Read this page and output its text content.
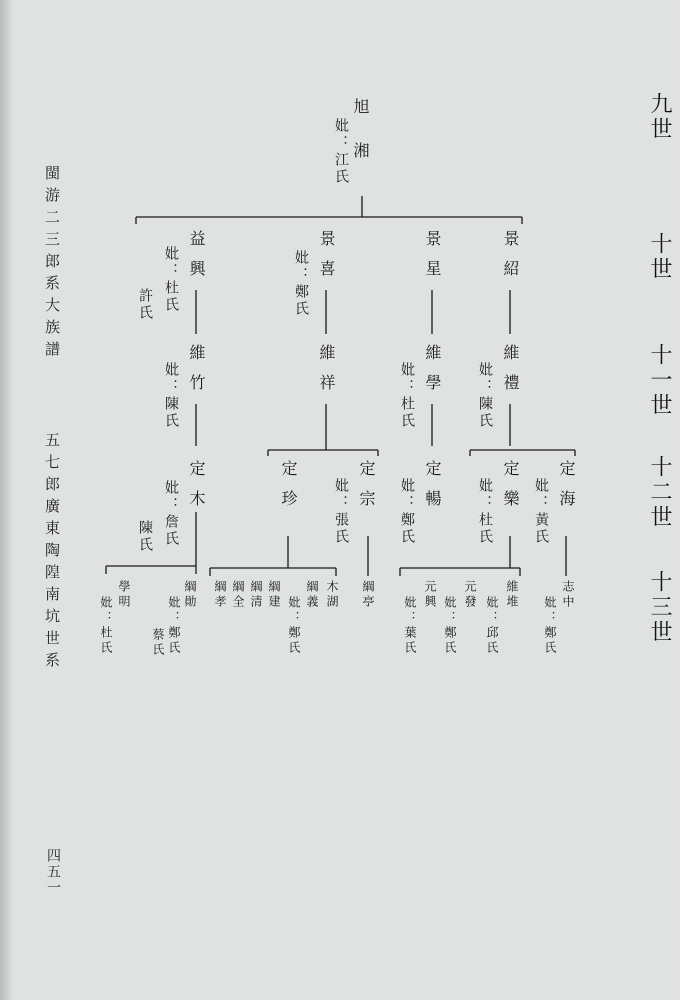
九世
十世
十一世
十二世
十三世
閩游二三郎系大族譜
五七郎廣東陶隍南坑世系
四五一
旭
妣：江氏 湘
益興
妣：杜氏
許氏
景喜
妣：鄭氏	景星	景紹
維竹
妣：陳氏	維祥	維學
妣：杜氏	維禮
妣：陳氏
定木
妣：詹氏
陳氏
定珍	定宗
妣：張氏	定暢
妣：鄭氏	定樂
妣：杜氏	定海
妣：黃氏
學明
妣：杜氏
綱勛
妣：鄭氏
蔡氏
綱孝 綱全 綱清 綱建 綱義
妣：鄭氏
木湖 綱亭	元興
妣：葉氏
元發
妣：鄭氏
維堆
妣：邱氏
志中
妣：鄭氏
